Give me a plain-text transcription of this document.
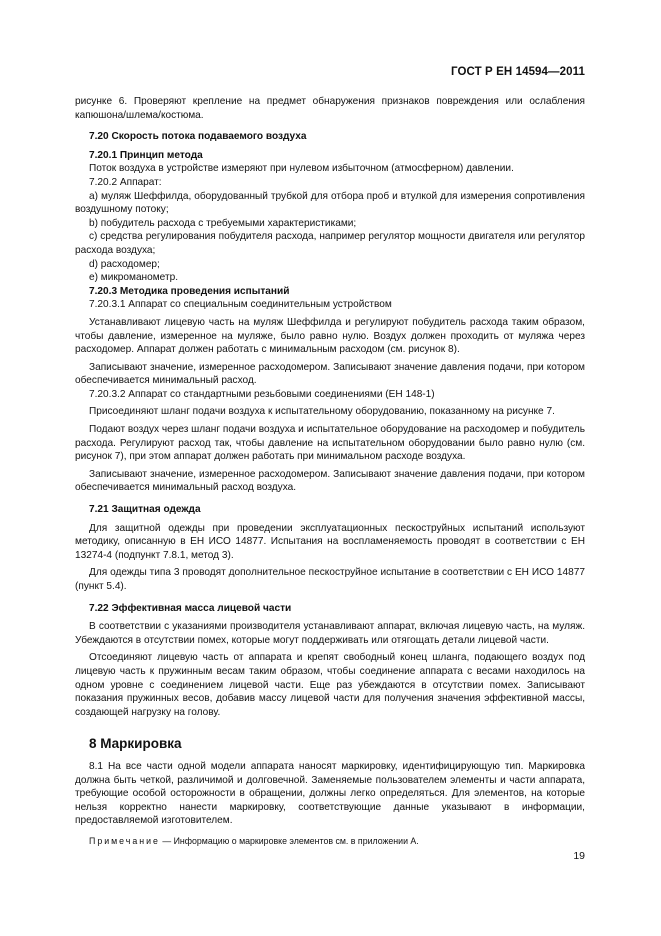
ГОСТ Р ЕН 14594—2011

рисунке 6. Проверяют крепление на предмет обнаружения признаков повреждения или ослабления капюшона/шлема/костюма.

7.20 Скорость потока подаваемого воздуха

7.20.1 Принцип метода

Поток воздуха в устройстве измеряют при нулевом избыточном (атмосферном) давлении.

7.20.2 Аппарат:

a) муляж Шеффилда, оборудованный трубкой для отбора проб и втулкой для измерения сопротивления воздушному потоку;

b) побудитель расхода с требуемыми характеристиками;

c) средства регулирования побудителя расхода, например регулятор мощности двигателя или регулятор расхода воздуха;

d) расходомер;

e) микроманометр.

7.20.3 Методика проведения испытаний

7.20.3.1 Аппарат со специальным соединительным устройством

Устанавливают лицевую часть на муляж Шеффилда и регулируют побудитель расхода таким образом, чтобы давление, измеренное на муляже, было равно нулю. Воздух должен проходить от муляжа через расходомер. Аппарат должен работать с минимальным расходом (см. рисунок 8).

Записывают значение, измеренное расходомером. Записывают значение давления подачи, при котором обеспечивается минимальный расход.

7.20.3.2 Аппарат со стандартными резьбовыми соединениями (ЕН 148-1)

Присоединяют шланг подачи воздуха к испытательному оборудованию, показанному на рисунке 7.

Подают воздух через шланг подачи воздуха и испытательное оборудование на расходомер и побудитель расхода. Регулируют расход так, чтобы давление на испытательном оборудовании было равно нулю (см. рисунок 7), при этом аппарат должен работать при минимальном расходе воздуха.

Записывают значение, измеренное расходомером. Записывают значение давления подачи, при котором обеспечивается минимальный расход воздуха.

7.21 Защитная одежда

Для защитной одежды при проведении эксплуатационных пескоструйных испытаний используют методику, описанную в ЕН ИСО 14877. Испытания на воспламеняемость проводят в соответствии с ЕН 13274-4 (подпункт 7.8.1, метод 3).

Для одежды типа 3 проводят дополнительное пескоструйное испытание в соответствии с ЕН ИСО 14877 (пункт 5.4).

7.22 Эффективная масса лицевой части

В соответствии с указаниями производителя устанавливают аппарат, включая лицевую часть, на муляж. Убеждаются в отсутствии помех, которые могут поддерживать или отягощать детали лицевой части.

Отсоединяют лицевую часть от аппарата и крепят свободный конец шланга, подающего воздух под лицевую часть к пружинным весам таким образом, чтобы соединение аппарата с весами находилось на одном уровне с соединением лицевой части. Еще раз убеждаются в отсутствии помех. Записывают показания пружинных весов, добавив массу лицевой части для получения значения эффективной массы, создающей нагрузку на голову.

8 Маркировка

8.1 На все части одной модели аппарата наносят маркировку, идентифицирующую тип. Маркировка должна быть четкой, различимой и долговечной. Заменяемые пользователем элементы и части аппарата, требующие особой осторожности в обращении, должны легко определяться. Для элементов, на которые нельзя корректно нанести маркировку, соответствующие данные указывают в информации, предоставляемой изготовителем.

Примечание — Информацию о маркировке элементов см. в приложении А.

19
